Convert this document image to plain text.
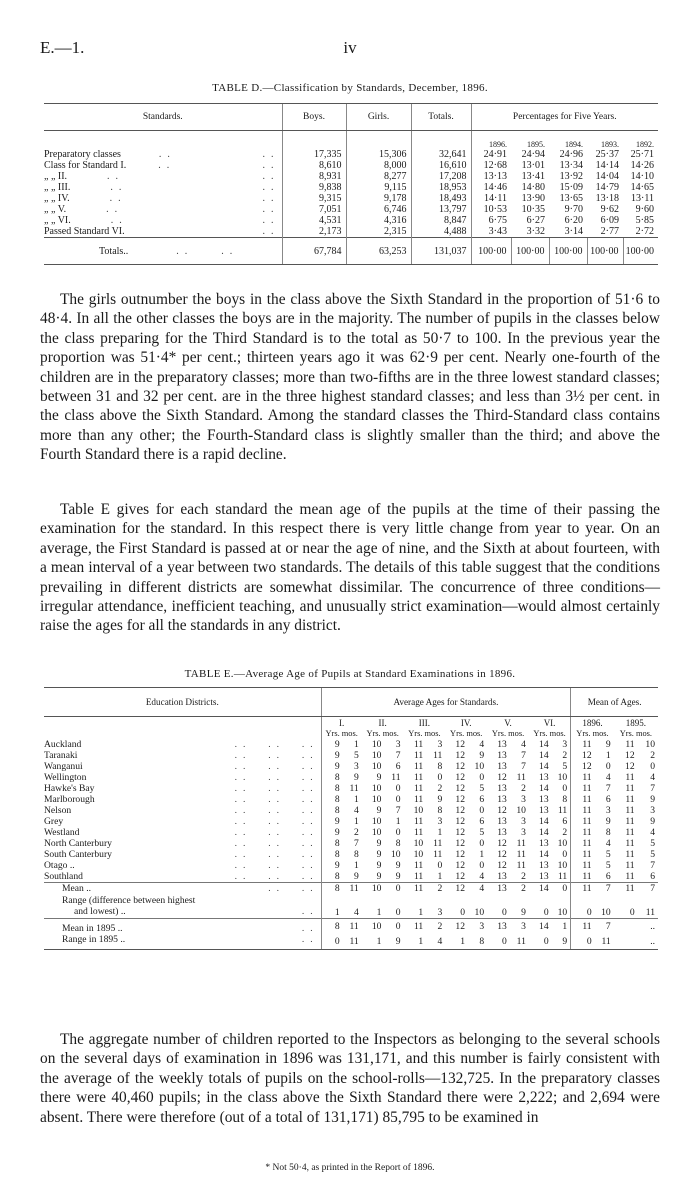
E.—1.	iv
TABLE D.—Classification by Standards, December, 1896.
Standards.	Boys.	Girls.	Totals.	Percentages for Five Years.				
				1896.	1895.	1894.	1893.	1892.
Preparatory classes .. ..	17,335	15,306	32,641	24·91	24·94	24·96	25·37	25·71
Class for Standard I. .. ..	8,610	8,000	16,610	12·68	13·01	13·34	14·14	14·26
„ „ II. .. ..	8,931	8,277	17,208	13·13	13·41	13·92	14·04	14·10
„ „ III. .. ..	9,838	9,115	18,953	14·46	14·80	15·09	14·79	14·65
„ „ IV. .. ..	9,315	9,178	18,493	14·11	13·90	13·65	13·18	13·11
„ „ V. .. ..	7,051	6,746	13,797	10·53	10·35	9·70	9·62	9·60
„ „ VI. .. ..	4,531	4,316	8,847	6·75	6·27	6·20	6·09	5·85
Passed Standard VI. ..	2,173	2,315	4,488	3·43	3·32	3·14	2·77	2·72
Totals.. .. ..	67,784	63,253	131,037	100·00	100·00	100·00	100·00	100·00

The girls outnumber the boys in the class above the Sixth Standard in the proportion of 51·6 to 48·4. In all the other classes the boys are in the majority. The number of pupils in the classes below the class preparing for the Third Standard is to the total as 50·7 to 100. In the previous year the proportion was 51·4* per cent.; thirteen years ago it was 62·9 per cent. Nearly one-fourth of the children are in the preparatory classes; more than two-fifths are in the three lowest standard classes; between 31 and 32 per cent. are in the three highest standard classes; and less than 3½ per cent. in the class above the Sixth Standard. Among the standard classes the Third-Standard class contains more than any other; the Fourth-Standard class is slightly smaller than the third; and above the Fourth Standard there is a rapid decline.

Table E gives for each standard the mean age of the pupils at the time of their passing the examination for the standard. In this respect there is very little change from year to year. On an average, the First Standard is passed at or near the age of nine, and the Sixth at about fourteen, with a mean interval of a year between two standards. The details of this table suggest that the conditions prevailing in different districts are somewhat dissimilar. The concurrence of three conditions—irregular attendance, inefficient teaching, and unusually strict examination—would almost certainly raise the ages for all the standards in any district.

TABLE E.—Average Age of Pupils at Standard Examinations in 1896.
Education Districts.	Average Ages for Standards.												Mean of Ages.			
	I.		II.		III.		IV.		V.		VI.		1896.		1895.	
	Yrs. mos.		Yrs. mos.		Yrs. mos.		Yrs. mos.		Yrs. mos.		Yrs. mos.		Yrs. mos.		Yrs. mos.	
Auckland ..  ..  ..	9	1	10	3	11	3	12	4	13	4	14	3	11	9	11	10
Taranaki ..  ..  ..	9	5	10	7	11	11	12	9	13	7	14	2	12	1	12	2
Wanganui ..  ..  ..	9	3	10	6	11	8	12	10	13	7	14	5	12	0	12	0
Wellington ..  ..  ..	8	9	9	11	11	0	12	0	12	11	13	10	11	4	11	4
Hawke's Bay ..  ..  ..	8	11	10	0	11	2	12	5	13	2	14	0	11	7	11	7
Marlborough ..  ..  ..	8	1	10	0	11	9	12	6	13	3	13	8	11	6	11	9
Nelson ..  ..  ..	8	4	9	7	10	8	12	0	12	10	13	11	11	3	11	3
Grey ..  ..  ..	9	1	10	1	11	3	12	6	13	3	14	6	11	9	11	9
Westland ..  ..  ..	9	2	10	0	11	1	12	5	13	3	14	2	11	8	11	4
North Canterbury ..  ..  ..	8	7	9	8	10	11	12	0	12	11	13	10	11	4	11	5
South Canterbury ..  ..  ..	8	8	9	10	10	11	12	1	12	11	14	0	11	5	11	5
Otago .. ..  ..  ..	9	1	9	9	11	0	12	0	12	11	13	10	11	5	11	7
Southland ..  ..  ..	8	9	9	9	11	1	12	4	13	2	13	11	11	6	11	6
Mean .. ..  ..	8	11	10	0	11	2	12	4	13	2	14	0	11	7	11	7
Range (difference between highest
and lowest) .. ..	1	4	1	0	1	3	0	10	0	9	0	10	0	10	0	11
Mean in 1895 .. ..	8	11	10	0	11	2	12	3	13	3	14	1	11	7		..
Range in 1895 .. ..	0	11	1	9	1	4	1	8	0	11	0	9	0	11		..

The aggregate number of children reported to the Inspectors as belonging to the several schools on the several days of examination in 1896 was 131,171, and this number is fairly consistent with the average of the weekly totals of pupils on the school-rolls—132,725. In the preparatory classes there were 40,460 pupils; in the class above the Sixth Standard there were 2,222; and 2,694 were absent. There were therefore (out of a total of 131,171) 85,795 to be examined in

* Not 50·4, as printed in the Report of 1896.
